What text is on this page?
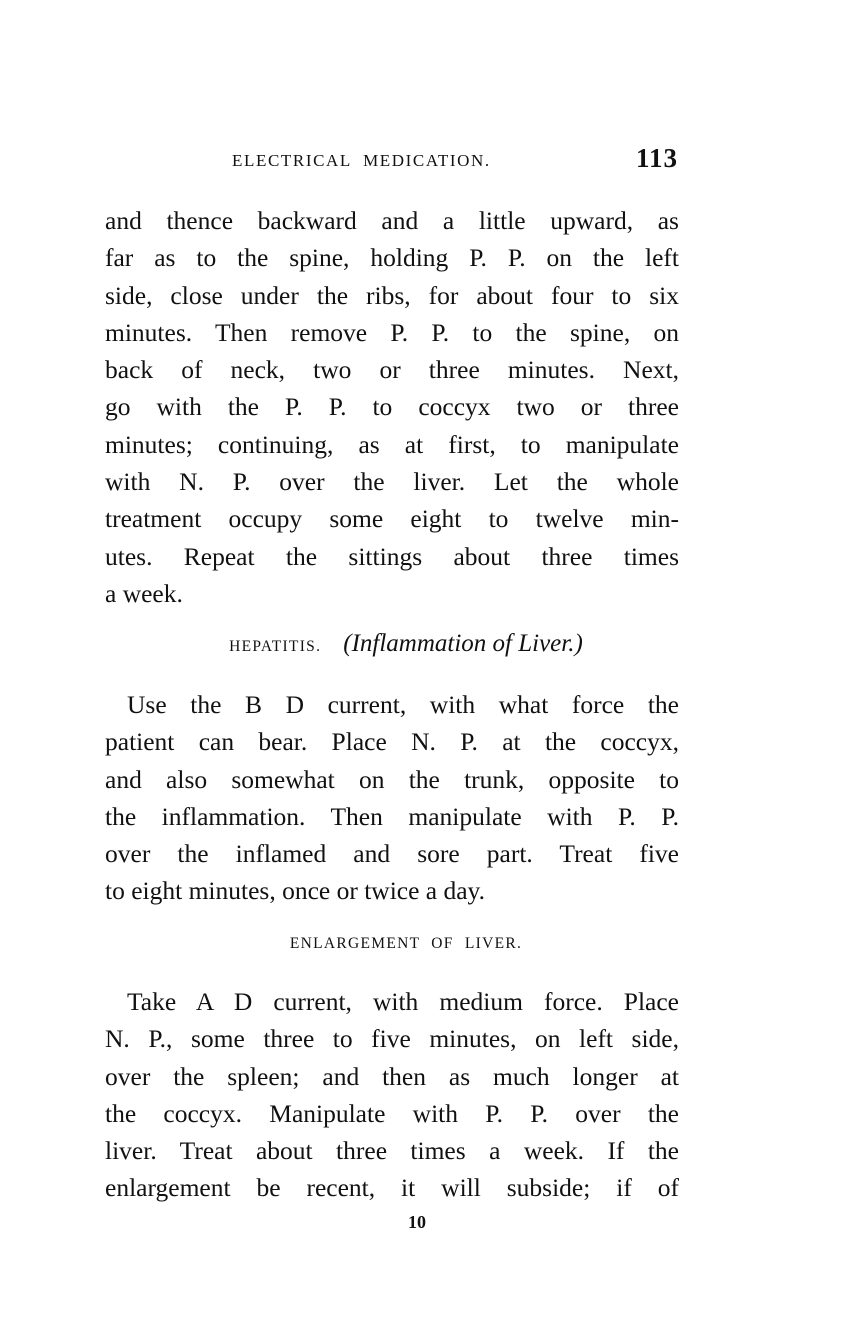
ELECTRICAL MEDICATION.	113
and thence backward and a little upward, as
far as to the spine, holding P. P. on the left
side, close under the ribs, for about four to six
minutes. Then remove P. P. to the spine, on
back of neck, two or three minutes. Next,
go with the P. P. to coccyx two or three
minutes; continuing, as at first, to manipulate
with N. P. over the liver. Let the whole
treatment occupy some eight to twelve min-
utes. Repeat the sittings about three times
a week.
HEPATITIS. (Inflammation of Liver.)
Use the B D current, with what force the
patient can bear. Place N. P. at the coccyx,
and also somewhat on the trunk, opposite to
the inflammation. Then manipulate with P. P.
over the inflamed and sore part. Treat five
to eight minutes, once or twice a day.
ENLARGEMENT OF LIVER.
Take A D current, with medium force. Place
N. P., some three to five minutes, on left side,
over the spleen; and then as much longer at
the coccyx. Manipulate with P. P. over the
liver. Treat about three times a week. If the
enlargement be recent, it will subside; if of
10
